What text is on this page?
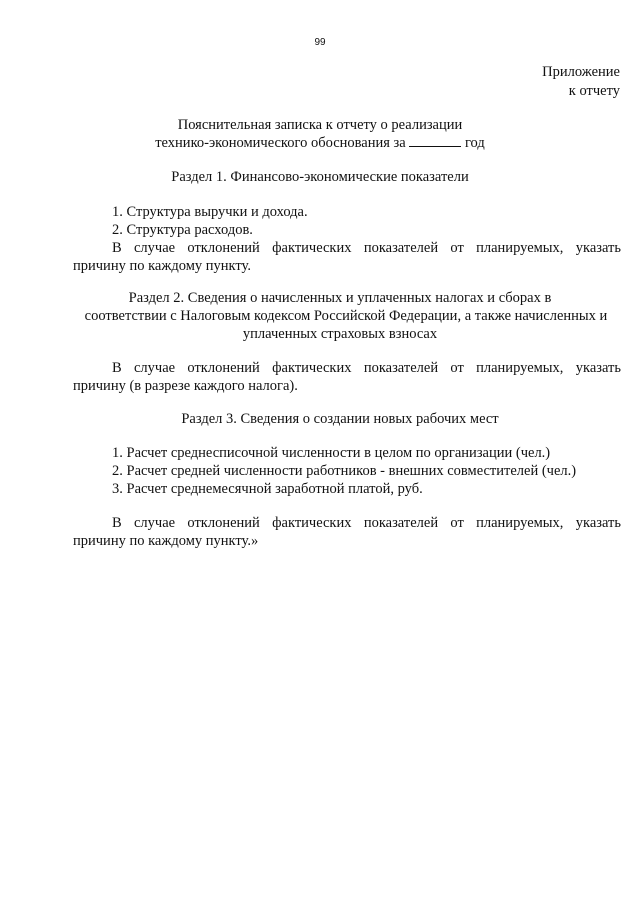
99
Приложение
к отчету
Пояснительная записка к отчету о реализации
технико-экономического обоснования за	год
Раздел 1. Финансово-экономические показатели
1. Структура выручки и дохода.
2. Структура расходов.
В случае отклонений фактических показателей от планируемых, указать
причину по каждому пункту.
Раздел 2. Сведения о начисленных и уплаченных налогах и сборах в
соответствии с Налоговым кодексом Российской Федерации, а также начисленных и
уплаченных страховых взносах
В случае отклонений фактических показателей от планируемых, указать
причину (в разрезе каждого налога).
Раздел 3. Сведения о создании новых рабочих мест
1. Расчет среднесписочной численности в целом по организации (чел.)
2. Расчет средней численности работников - внешних совместителей (чел.)
3. Расчет среднемесячной заработной платой, руб.
В случае отклонений фактических показателей от планируемых, указать
причину по каждому пункту.»
